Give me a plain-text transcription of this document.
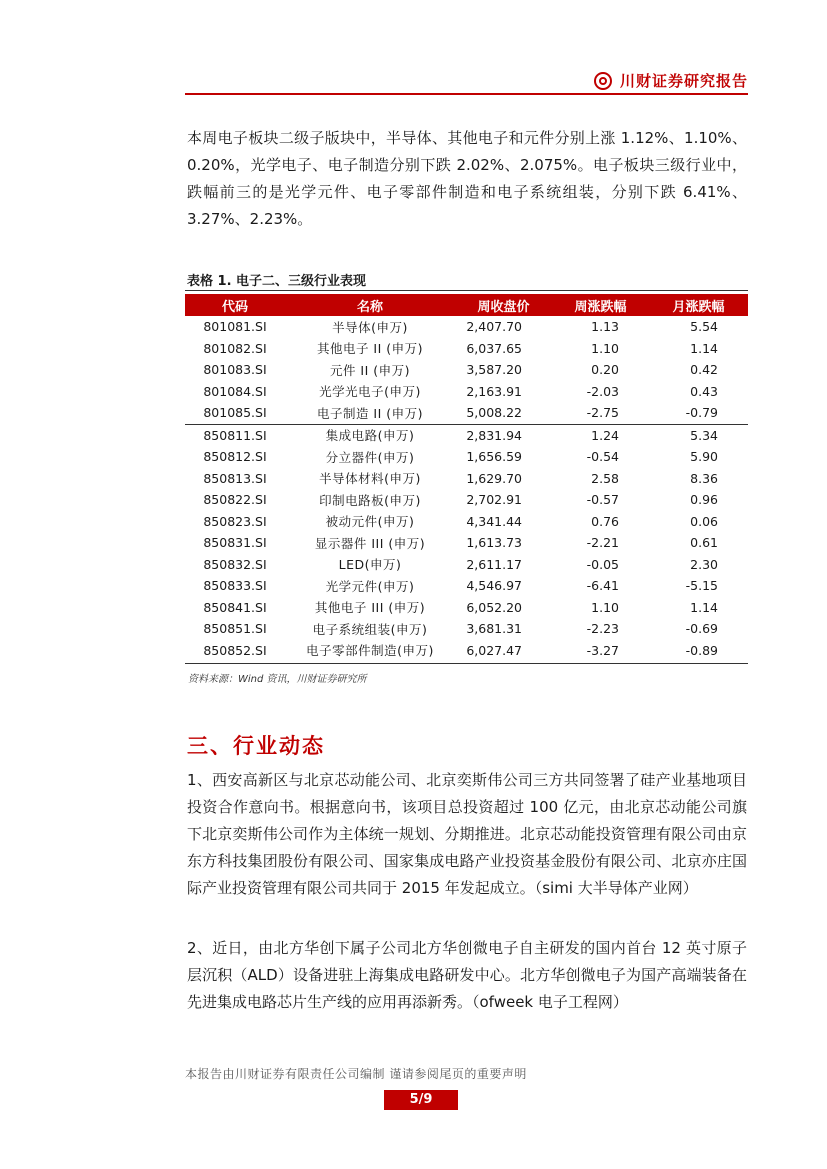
川财证券研究报告
本周电子板块二级子版块中，半导体、其他电子和元件分别上涨 1.12%、1.10%、0.20%，光学电子、电子制造分别下跌 2.02%、2.075%。电子板块三级行业中，跌幅前三的是光学元件、电子零部件制造和电子系统组装，分别下跌 6.41%、3.27%、2.23%。
表格 1. 电子二、三级行业表现
代码	名称	周收盘价	周涨跌幅	月涨跌幅
801081.SI	半导体(申万)	2,407.70	1.13	5.54
801082.SI	其他电子 II (申万)	6,037.65	1.10	1.14
801083.SI	元件 II (申万)	3,587.20	0.20	0.42
801084.SI	光学光电子(申万)	2,163.91	-2.03	0.43
801085.SI	电子制造 II (申万)	5,008.22	-2.75	-0.79
850811.SI	集成电路(申万)	2,831.94	1.24	5.34
850812.SI	分立器件(申万)	1,656.59	-0.54	5.90
850813.SI	半导体材料(申万)	1,629.70	2.58	8.36
850822.SI	印制电路板(申万)	2,702.91	-0.57	0.96
850823.SI	被动元件(申万)	4,341.44	0.76	0.06
850831.SI	显示器件 III (申万)	1,613.73	-2.21	0.61
850832.SI	LED(申万)	2,611.17	-0.05	2.30
850833.SI	光学元件(申万)	4,546.97	-6.41	-5.15
850841.SI	其他电子 III (申万)	6,052.20	1.10	1.14
850851.SI	电子系统组装(申万)	3,681.31	-2.23	-0.69
850852.SI	电子零部件制造(申万)	6,027.47	-3.27	-0.89
资料来源：Wind 资讯，川财证券研究所
三、行业动态
1、西安高新区与北京芯动能公司、北京奕斯伟公司三方共同签署了硅产业基地项目投资合作意向书。根据意向书，该项目总投资超过 100 亿元，由北京芯动能公司旗下北京奕斯伟公司作为主体统一规划、分期推进。北京芯动能投资管理有限公司由京东方科技集团股份有限公司、国家集成电路产业投资基金股份有限公司、北京亦庄国际产业投资管理有限公司共同于 2015 年发起成立。（simi 大半导体产业网）
2、近日，由北方华创下属子公司北方华创微电子自主研发的国内首台 12 英寸原子层沉积（ALD）设备进驻上海集成电路研发中心。北方华创微电子为国产高端装备在先进集成电路芯片生产线的应用再添新秀。（ofweek 电子工程网）
本报告由川财证券有限责任公司编制 谨请参阅尾页的重要声明
5/9
